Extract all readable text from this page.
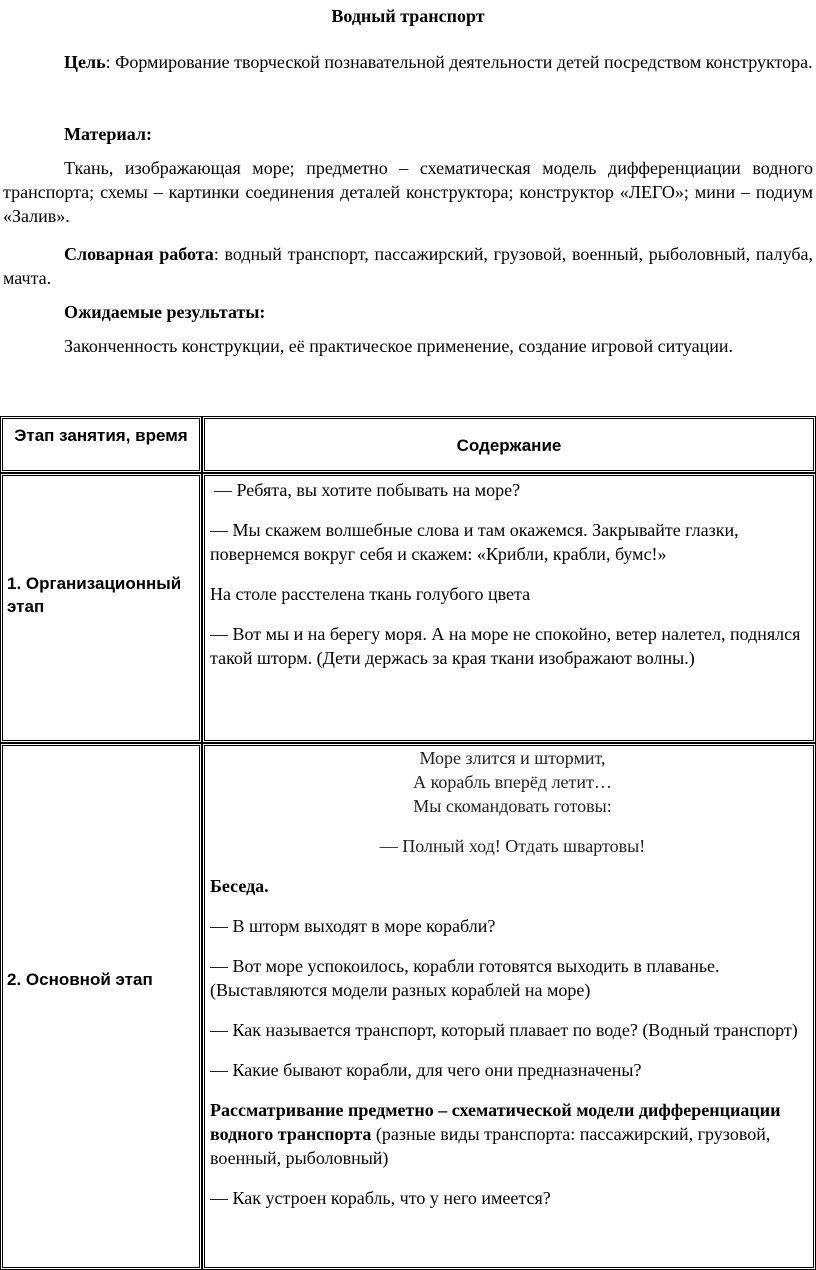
Водный транспорт
Цель: Формирование творческой познавательной деятельности детей посредством конструктора.
Материал:
Ткань, изображающая море; предметно – схематическая модель дифференциации водного транспорта; схемы – картинки соединения деталей конструктора; конструктор «ЛЕГО»; мини – подиум «Залив».
Словарная работа: водный транспорт, пассажирский, грузовой, военный, рыболовный, палуба, мачта.
Ожидаемые результаты:
Законченность конструкции, её практическое применение, создание игровой ситуации.
Этап занятия, время
Содержание
1. Организационный этап

— Ребята, вы хотите побывать на море?

— Мы скажем волшебные слова и там окажемся. Закрывайте глазки, повернемся вокруг себя и скажем: «Крибли, крабли, бумс!»

На столе расстелена ткань голубого цвета

— Вот мы и на берегу моря. А на море не спокойно, ветер налетел, поднялся такой шторм. (Дети держась за края ткани изображают волны.)

2. Основной этап

Море злится и штормит,

А корабль вперёд летит…

Мы скомандовать готовы:

— Полный ход! Отдать швартовы!

Беседа.

— В шторм выходят в море корабли?

— Вот море успокоилось, корабли готовятся выходить в плаванье. (Выставляются модели разных кораблей на море)

— Как называется транспорт, который плавает по воде? (Водный транспорт)

— Какие бывают корабли, для чего они предназначены?

Рассматривание предметно – схематической модели дифференциации водного транспорта (разные виды транспорта: пассажирский, грузовой, военный, рыболовный)

— Как устроен корабль, что у него имеется?
